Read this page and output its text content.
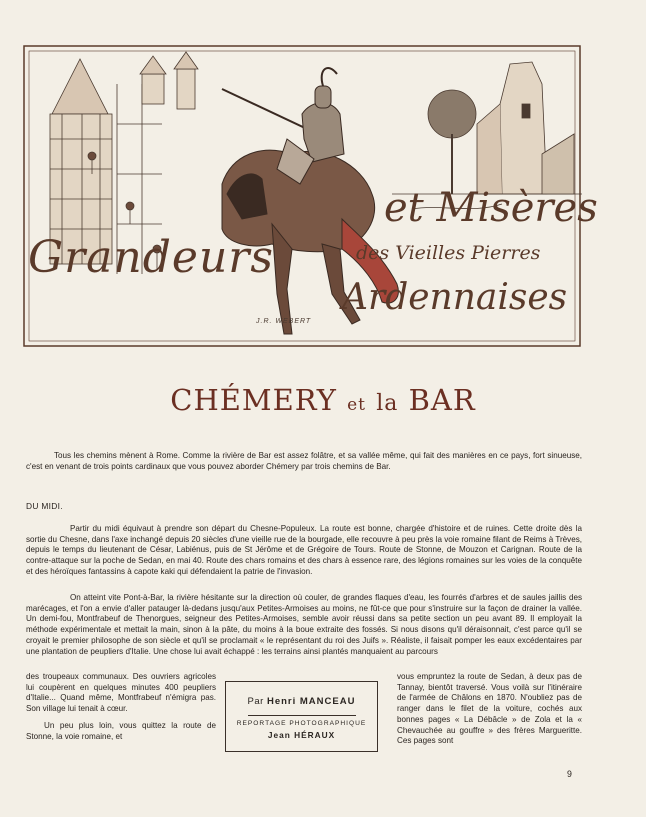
Grandeurs
et Misères
des Vieilles Pierres
Ardennaises
J.R. WEBERT
CHÉMERY et la BAR
Tous les chemins mènent à Rome. Comme la rivière de Bar est assez folâtre, et sa vallée même, qui fait des manières en ce pays, fort sinueuse, c'est en venant de trois points cardinaux que vous pouvez aborder Chémery par trois chemins de Bar.
DU MIDI.
Partir du midi équivaut à prendre son départ du Chesne-Populeux. La route est bonne, chargée d'histoire et de ruines. Cette droite dès la sortie du Chesne, dans l'axe inchangé depuis 20 siècles d'une vieille rue de la bourgade, elle recouvre à peu près la voie romaine filant de Reims à Trèves, depuis le temps du lieutenant de César, Labiénus, puis de St Jérôme et de Grégoire de Tours. Route de Stonne, de Mouzon et Carignan. Route de la contre-attaque sur la poche de Sedan, en mai 40. Route des chars romains et des chars à essence rare, des légions romaines sur les voies de la conquête et des héroïques fantassins à capote kaki qui défendaient la patrie de l'invasion.
On atteint vite Pont-à-Bar, la rivière hésitante sur la direction où couler, de grandes flaques d'eau, les fourrés d'arbres et de saules jaillis des marécages, et l'on a envie d'aller patauger là-dedans jusqu'aux Petites-Armoises au moins, ne fût-ce que pour s'instruire sur la façon de drainer la vallée. Un demi-fou, Montfrabeuf de Thenorgues, seigneur des Petites-Armoises, semble avoir réussi dans sa petite section un peu avant 89. Il employait la méthode expérimentale et mettait la main, sinon à la pâte, du moins à la boue extraite des fossés. Si nous disons qu'il déraisonnait, c'est parce qu'il se croyait le premier philosophe de son siècle et qu'il se proclamait « le représentant du roi des Juifs ». Réaliste, il faisait pomper les eaux excédentaires par une plantation de peupliers d'Italie. Une chose lui avait échappé : les terrains ainsi plantés manquaient au parcours

des troupeaux communaux. Des ouvriers agricoles lui coupèrent en quelques minutes 400 peupliers d'Italie... Quand même, Montfrabeuf n'émigra pas. Son village lui tenait à cœur.

Un peu plus loin, vous quittez la route de Stonne, la voie romaine, et

Par Henri MANCEAU
REPORTAGE PHOTOGRAPHIQUE
Jean HÉRAUX

vous empruntez la route de Sedan, à deux pas de Tannay, bientôt traversé. Vous voilà sur l'itinéraire de l'armée de Châlons en 1870. N'oubliez pas de ranger dans le filet de la voiture, cochés aux bonnes pages « La Débâcle » de Zola et la « Chevauchée au gouffre » des frères Margueritte. Ces pages sont

9
